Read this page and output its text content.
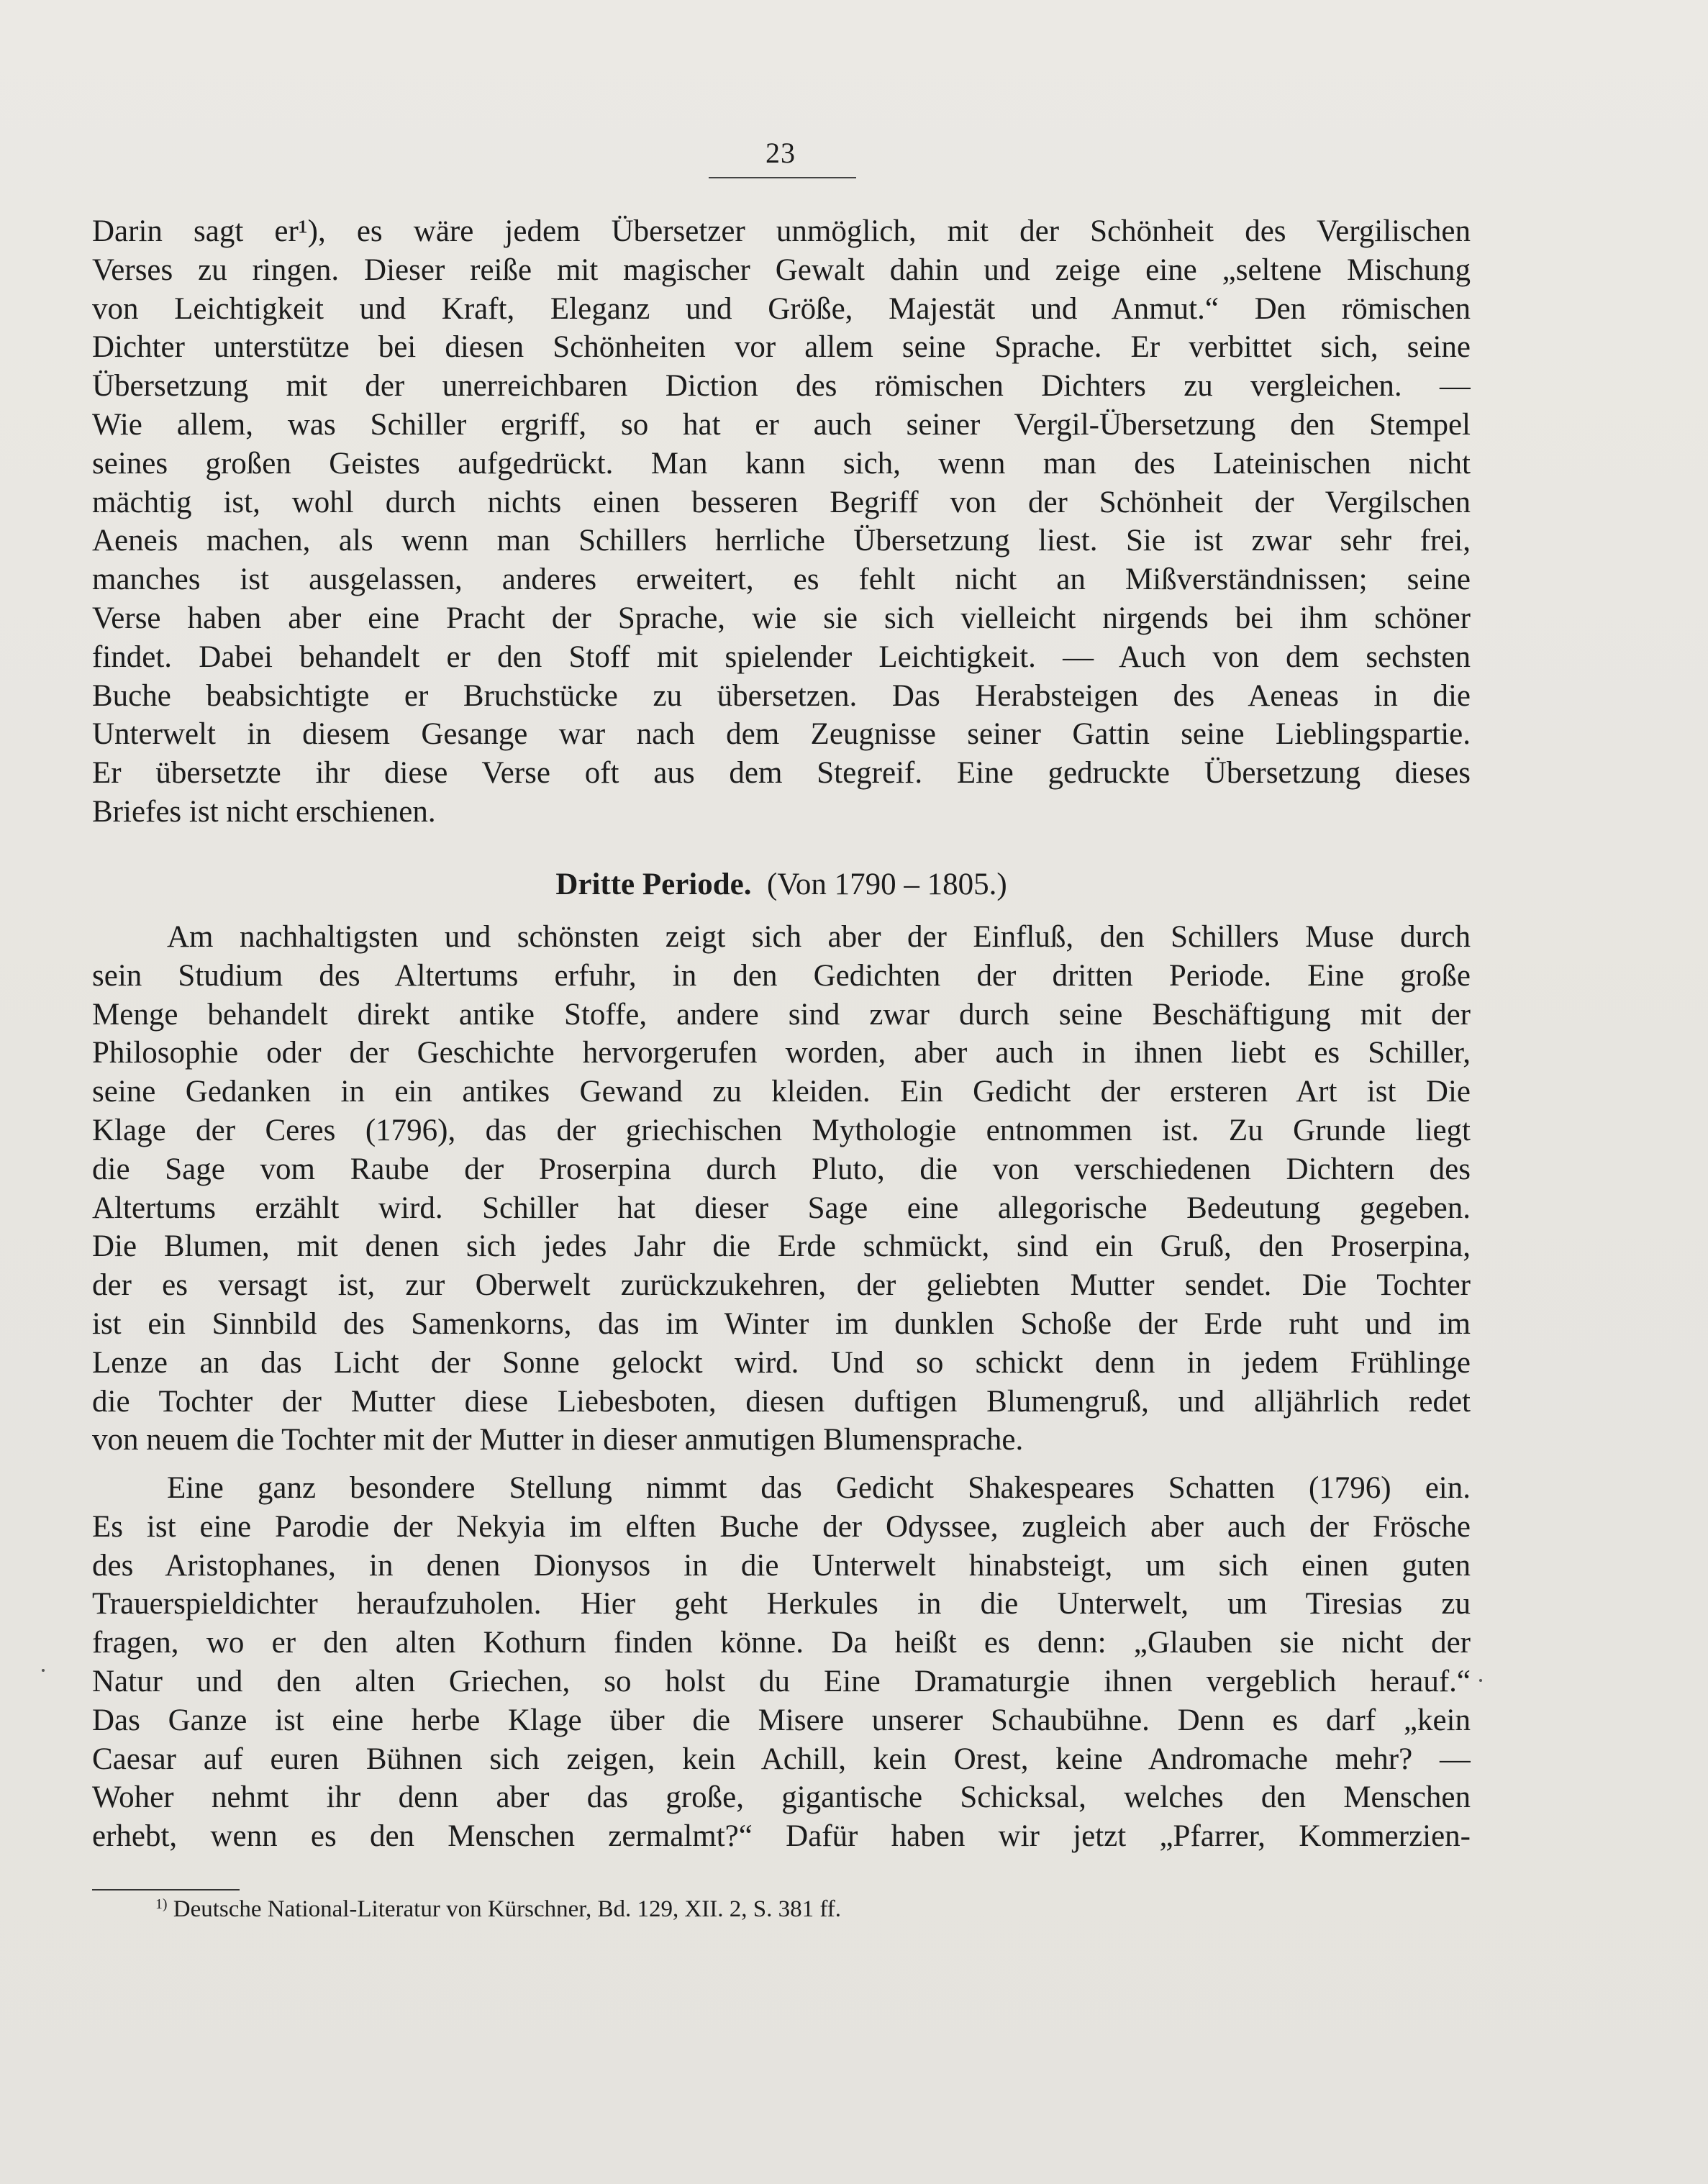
23
Darin sagt er¹), es wäre jedem Übersetzer unmöglich, mit der Schönheit des Vergilischen
Verses zu ringen. Dieser reiße mit magischer Gewalt dahin und zeige eine „seltene Mischung
von Leichtigkeit und Kraft, Eleganz und Größe, Majestät und Anmut.“ Den römischen
Dichter unterstütze bei diesen Schönheiten vor allem seine Sprache. Er verbittet sich, seine
Übersetzung mit der unerreichbaren Diction des römischen Dichters zu vergleichen. —
Wie allem, was Schiller ergriff, so hat er auch seiner Vergil-Übersetzung den Stempel
seines großen Geistes aufgedrückt. Man kann sich, wenn man des Lateinischen nicht
mächtig ist, wohl durch nichts einen besseren Begriff von der Schönheit der Vergilschen
Aeneis machen, als wenn man Schillers herrliche Übersetzung liest. Sie ist zwar sehr frei,
manches ist ausgelassen, anderes erweitert, es fehlt nicht an Mißverständnissen; seine
Verse haben aber eine Pracht der Sprache, wie sie sich vielleicht nirgends bei ihm schöner
findet. Dabei behandelt er den Stoff mit spielender Leichtigkeit. — Auch von dem sechsten
Buche beabsichtigte er Bruchstücke zu übersetzen. Das Herabsteigen des Aeneas in die
Unterwelt in diesem Gesange war nach dem Zeugnisse seiner Gattin seine Lieblingspartie.
Er übersetzte ihr diese Verse oft aus dem Stegreif. Eine gedruckte Übersetzung dieses
Briefes ist nicht erschienen.
Dritte Periode. (Von 1790 – 1805.)
Am nachhaltigsten und schönsten zeigt sich aber der Einfluß, den Schillers Muse durch
sein Studium des Altertums erfuhr, in den Gedichten der dritten Periode. Eine große
Menge behandelt direkt antike Stoffe, andere sind zwar durch seine Beschäftigung mit der
Philosophie oder der Geschichte hervorgerufen worden, aber auch in ihnen liebt es Schiller,
seine Gedanken in ein antikes Gewand zu kleiden. Ein Gedicht der ersteren Art ist Die
Klage der Ceres (1796), das der griechischen Mythologie entnommen ist. Zu Grunde liegt
die Sage vom Raube der Proserpina durch Pluto, die von verschiedenen Dichtern des
Altertums erzählt wird. Schiller hat dieser Sage eine allegorische Bedeutung gegeben.
Die Blumen, mit denen sich jedes Jahr die Erde schmückt, sind ein Gruß, den Proserpina,
der es versagt ist, zur Oberwelt zurückzukehren, der geliebten Mutter sendet. Die Tochter
ist ein Sinnbild des Samenkorns, das im Winter im dunklen Schoße der Erde ruht und im
Lenze an das Licht der Sonne gelockt wird. Und so schickt denn in jedem Frühlinge
die Tochter der Mutter diese Liebesboten, diesen duftigen Blumengruß, und alljährlich redet
von neuem die Tochter mit der Mutter in dieser anmutigen Blumensprache.
Eine ganz besondere Stellung nimmt das Gedicht Shakespeares Schatten (1796) ein.
Es ist eine Parodie der Nekyia im elften Buche der Odyssee, zugleich aber auch der Frösche
des Aristophanes, in denen Dionysos in die Unterwelt hinabsteigt, um sich einen guten
Trauerspieldichter heraufzuholen. Hier geht Herkules in die Unterwelt, um Tiresias zu
fragen, wo er den alten Kothurn finden könne. Da heißt es denn: „Glauben sie nicht der
Natur und den alten Griechen, so holst du Eine Dramaturgie ihnen vergeblich herauf.“
Das Ganze ist eine herbe Klage über die Misere unserer Schaubühne. Denn es darf „kein
Caesar auf euren Bühnen sich zeigen, kein Achill, kein Orest, keine Andromache mehr? —
Woher nehmt ihr denn aber das große, gigantische Schicksal, welches den Menschen
erhebt, wenn es den Menschen zermalmt?“ Dafür haben wir jetzt „Pfarrer, Kommerzien-
$^{1)}$ Deutsche National-Literatur von Kürschner, Bd. 129, XII. 2, S. 381 ff.
